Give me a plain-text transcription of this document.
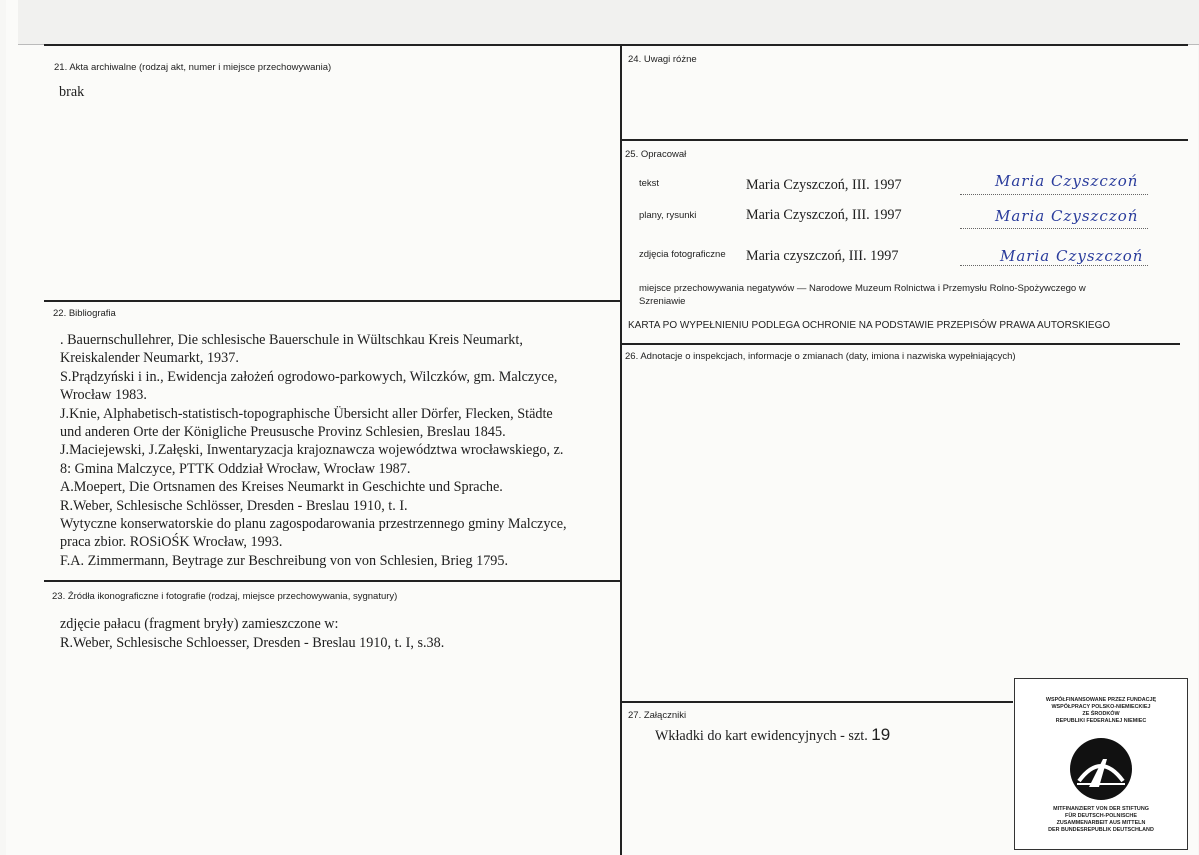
21. Akta archiwalne (rodzaj akt, numer i miejsce przechowywania)
brak
22. Bibliografia
. Bauernschullehrer, Die schlesische Bauerschule in Wültschkau Kreis Neumarkt,
Kreiskalender Neumarkt, 1937.
S.Prądzyński i in., Ewidencja założeń ogrodowo-parkowych, Wilczków, gm. Malczyce,
Wrocław 1983.
J.Knie, Alphabetisch-statistisch-topographische Übersicht aller Dörfer, Flecken, Städte
und anderen Orte der Königliche Preususche Provinz Schlesien, Breslau 1845.
J.Maciejewski, J.Załęski, Inwentaryzacja krajoznawcza województwa wrocławskiego, z.
8: Gmina Malczyce, PTTK Oddział Wrocław, Wrocław 1987.
A.Moepert, Die Ortsnamen des Kreises Neumarkt in Geschichte und Sprache.
R.Weber, Schlesische Schlösser, Dresden - Breslau 1910, t. I.
Wytyczne konserwatorskie do planu zagospodarowania przestrzennego gminy Malczyce,
praca zbior. ROSiOŚK Wrocław, 1993.
F.A. Zimmermann, Beytrage zur Beschreibung von von Schlesien, Brieg 1795.
23. Źródła ikonograficzne i fotografie (rodzaj, miejsce przechowywania, sygnatury)
zdjęcie pałacu (fragment bryły) zamieszczone w:
R.Weber, Schlesische Schloesser, Dresden - Breslau 1910, t. I, s.38.
24. Uwagi różne
25. Opracował
tekst	Maria Czyszczoń, III. 1997	Maria Czyszczoń
plany, rysunki	Maria Czyszczoń, III. 1997	Maria Czyszczoń
zdjęcia fotograficzne Maria czyszczoń, III. 1997	Maria Czyszczoń
miejsce przechowywania negatywów — Narodowe Muzeum Rolnictwa i Przemysłu Rolno-Spożywczego w
Szreniawie
KARTA PO WYPEŁNIENIU PODLEGA OCHRONIE NA PODSTAWIE PRZEPISÓW PRAWA AUTORSKIEGO
26. Adnotacje o inspekcjach, informacje o zmianach (daty, imiona i nazwiska wypełniających)
27. Załączniki
Wkładki do kart ewidencyjnych - szt. 19
WSPÓŁFINANSOWANE PRZEZ FUNDACJĘ
WSPÓŁPRACY POLSKO-NIEMIECKIEJ
ZE ŚRODKÓW
REPUBLIKI FEDERALNEJ NIEMIEC
MITFINANZIERT VON DER STIFTUNG
FÜR DEUTSCH-POLNISCHE
ZUSAMMENARBEIT AUS MITTELN
DER BUNDESREPUBLIK DEUTSCHLAND
